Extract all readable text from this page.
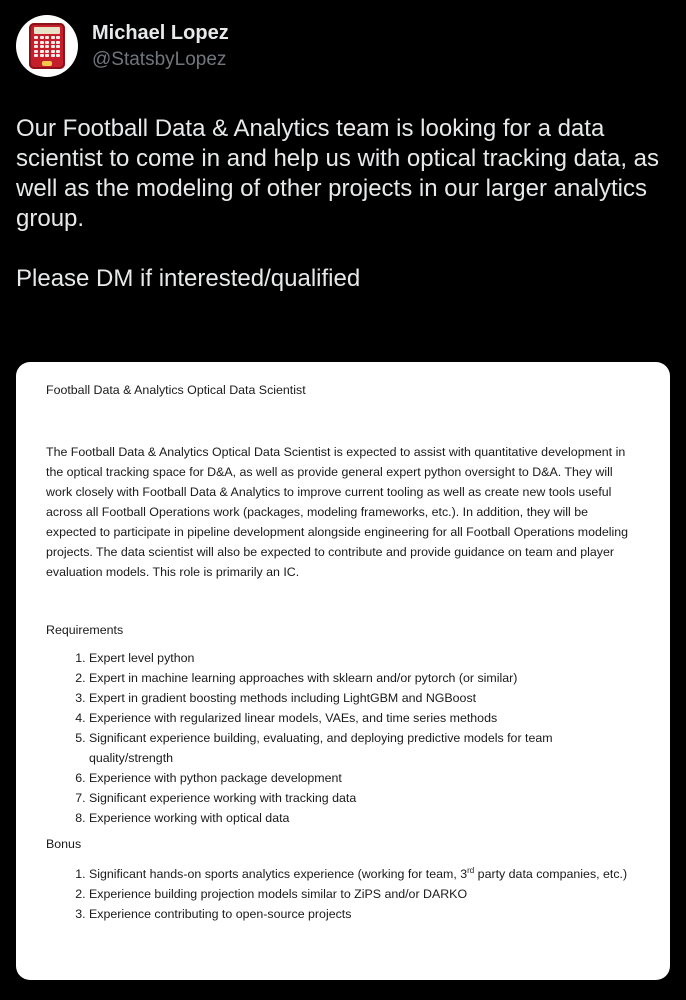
Michael Lopez
@StatsbyLopez

Our Football Data & Analytics team is looking for a data scientist to come in and help us with optical tracking data, as well as the modeling of other projects in our larger analytics group.

Please DM if interested/qualified

Football Data & Analytics Optical Data Scientist

The Football Data & Analytics Optical Data Scientist is expected to assist with quantitative development in the optical tracking space for D&A, as well as provide general expert python oversight to D&A. They will work closely with Football Data & Analytics to improve current tooling as well as create new tools useful across all Football Operations work (packages, modeling frameworks, etc.). In addition, they will be expected to participate in pipeline development alongside engineering for all Football Operations modeling projects. The data scientist will also be expected to contribute and provide guidance on team and player evaluation models. This role is primarily an IC.

Requirements
1. Expert level python
2. Expert in machine learning approaches with sklearn and/or pytorch (or similar)
3. Expert in gradient boosting methods including LightGBM and NGBoost
4. Experience with regularized linear models, VAEs, and time series methods
5. Significant experience building, evaluating, and deploying predictive models for team quality/strength
6. Experience with python package development
7. Significant experience working with tracking data
8. Experience working with optical data
Bonus
1. Significant hands-on sports analytics experience (working for team, 3rd party data companies, etc.)
2. Experience building projection models similar to ZiPS and/or DARKO
3. Experience contributing to open-source projects
